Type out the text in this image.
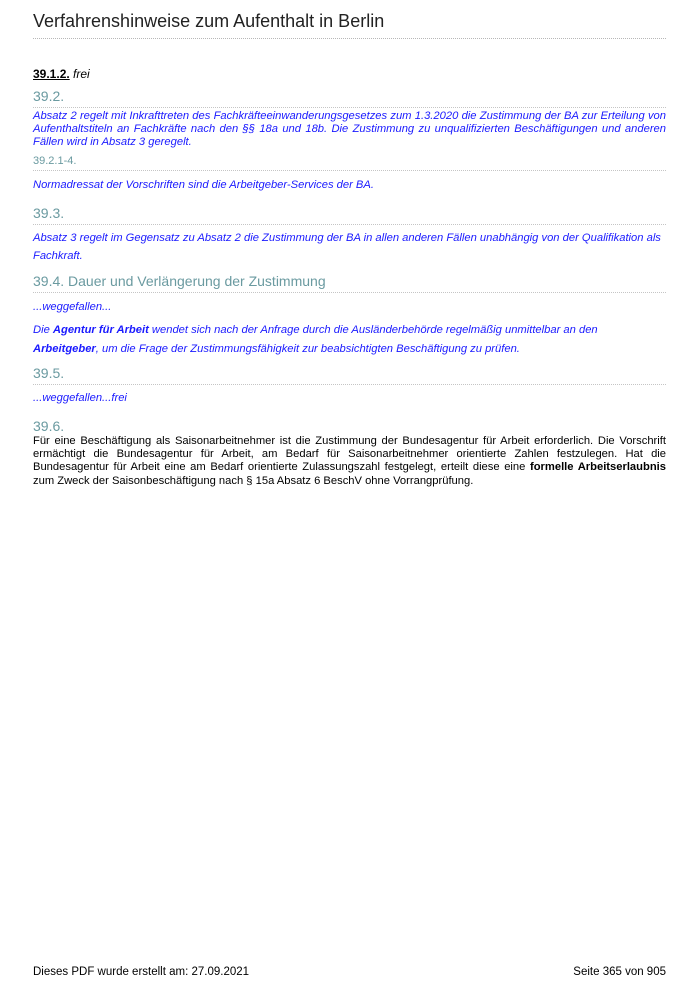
Verfahrenshinweise zum Aufenthalt in Berlin
39.1.2. frei
39.2.
Absatz 2 regelt mit Inkrafttreten des Fachkräfteeinwanderungsgesetzes zum 1.3.2020 die Zustimmung der BA zur Erteilung von Aufenthaltstiteln an Fachkräfte nach den §§ 18a und 18b. Die Zustimmung zu unqualifizierten Beschäftigungen und anderen Fällen wird in Absatz 3 geregelt.
39.2.1-4.
Normadressat der Vorschriften sind die Arbeitgeber-Services der BA.
39.3.
Absatz 3 regelt im Gegensatz zu Absatz 2 die Zustimmung der BA in allen anderen Fällen unabhängig von der Qualifikation als Fachkraft.
39.4. Dauer und Verlängerung der Zustimmung
...weggefallen...
Die Agentur für Arbeit wendet sich nach der Anfrage durch die Ausländerbehörde regelmäßig unmittelbar an den Arbeitgeber, um die Frage der Zustimmungsfähigkeit zur beabsichtigten Beschäftigung zu prüfen.
39.5.
...weggefallen...frei
39.6.
Für eine Beschäftigung als Saisonarbeitnehmer ist die Zustimmung der Bundesagentur für Arbeit erforderlich. Die Vorschrift ermächtigt die Bundesagentur für Arbeit, am Bedarf für Saisonarbeitnehmer orientierte Zahlen festzulegen. Hat die Bundesagentur für Arbeit eine am Bedarf orientierte Zulassungszahl festgelegt, erteilt diese eine formelle Arbeitserlaubnis zum Zweck der Saisonbeschäftigung nach § 15a Absatz 6 BeschV ohne Vorrangprüfung.
Dieses PDF wurde erstellt am: 27.09.2021	Seite 365 von 905
